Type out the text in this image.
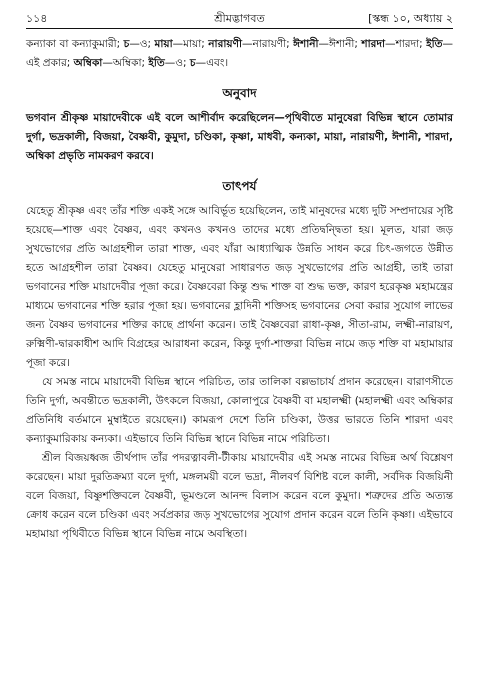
১১৪	শ্রীমদ্ভাগবত	[স্কন্ধ ১০, অধ্যায় ২

কন্যাকা বা কন্যাকুমারী; চ—ও; মায়া—মায়া; নারায়ণী—নারায়ণী; ঈশানী—ঈশানী; শারদা—শারদা; ইতি—এই প্রকার; অম্বিকা—অম্বিকা; ইতি—ও; চ—এবং।

অনুবাদ

ভগবান শ্রীকৃষ্ণ মায়াদেবীকে এই বলে আশীর্বাদ করেছিলেন—পৃথিবীতে মানুষেরা বিভিন্ন স্থানে তোমার দুর্গা, ভদ্রকালী, বিজয়া, বৈষ্ণবী, কুমুদা, চণ্ডিকা, কৃষ্ণা, মাধবী, কন্যকা, মায়া, নারায়ণী, ঈশানী, শারদা, অম্বিকা প্রভৃতি নামকরণ করবে।

তাৎপর্য

যেহেতু শ্রীকৃষ্ণ এবং তাঁর শক্তি একই সঙ্গে আবির্ভূত হয়েছিলেন, তাই মানুষদের মধ্যে দুটি সম্প্রদায়ের সৃষ্টি হয়েছে—শাক্ত এবং বৈষ্ণব, এবং কখনও কখনও তাদের মধ্যে প্রতিদ্বন্দ্বিতা হয়। মূলত, যারা জড় সুখভোগের প্রতি আগ্রহশীল তারা শাক্ত, এবং যাঁরা আধ্যাত্মিক উন্নতি সাধন করে চিৎ-জগতে উন্নীত হতে আগ্রহশীল তারা বৈষ্ণব। যেহেতু মানুষেরা সাধারণত জড় সুখভোগের প্রতি আগ্রহী, তাই তারা ভগবানের শক্তি মায়াদেবীর পূজা করে। বৈষ্ণবেরা কিন্তু শুদ্ধ শাক্ত বা শুদ্ধ ভক্ত, কারণ হরেকৃষ্ণ মহামন্ত্রের মাধ্যমে ভগবানের শক্তি হরার পূজা হয়। ভগবানের হ্লাদিনী শক্তিসহ ভগবানের সেবা করার সুযোগ লাভের জন্য বৈষ্ণব ভগবানের শক্তির কাছে প্রার্থনা করেন। তাই বৈষ্ণবেরা রাধা-কৃষ্ণ, সীতা-রাম, লক্ষ্মী-নারায়ণ, রুক্মিণী-দ্বারকাধীশ আদি বিগ্রহের আরাধনা করেন, কিন্তু দুর্গা-শাক্তরা বিভিন্ন নামে জড় শক্তি বা মহামায়ার পূজা করে।

যে সমস্ত নামে মায়াদেবী বিভিন্ন স্থানে পরিচিত, তার তালিকা বল্লভাচার্য প্রদান করেছেন। বারাণসীতে তিনি দুর্গা, অবন্তীতে ভদ্রকালী, উৎকলে বিজয়া, কোলাপুরে বৈষ্ণবী বা মহালক্ষ্মী (মহালক্ষ্মী এবং অম্বিকার প্রতিনিধি বর্তমানে মুম্বাইতে রয়েছেন।) কামরূপ দেশে তিনি চণ্ডিকা, উত্তর ভারতে তিনি শারদা এবং কন্যাকুমারিকায় কন্যকা। এইভাবে তিনি বিভিন্ন স্থানে বিভিন্ন নামে পরিচিতা।

শ্রীল বিজয়ধ্বজ তীর্থপাদ তাঁর পদরত্নাবলী-টীকায় মায়াদেবীর এই সমস্ত নামের বিভিন্ন অর্থ বিশ্লেষণ করেছেন। মায়া দুরতিক্রম্যা বলে দুর্গা, মঙ্গলময়ী বলে ভদ্রা, নীলবর্ণ বিশিষ্ট বলে কালী, সর্বদিক বিজয়িনী বলে বিজয়া, বিষ্ণুশক্তিবলে বৈষ্ণবী, ভূমণ্ডলে আনন্দ বিলাস করেন বলে কুমুদা। শত্রুদের প্রতি অত্যন্ত ক্রোধ করেন বলে চণ্ডিকা এবং সর্বপ্রকার জড় সুখভোগের সুযোগ প্রদান করেন বলে তিনি কৃষ্ণা। এইভাবে মহামায়া পৃথিবীতে বিভিন্ন স্থানে বিভিন্ন নামে অবস্থিতা।
